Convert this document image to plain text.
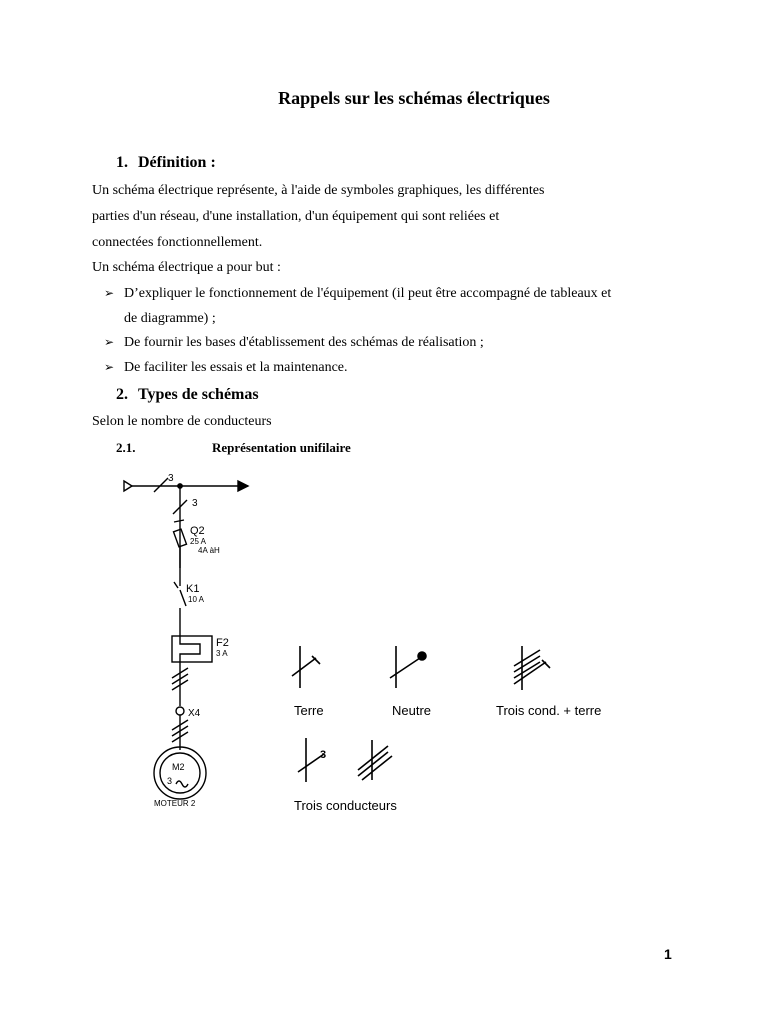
Rappels sur les schémas électriques
1. Définition :
Un schéma électrique représente, à l'aide de symboles graphiques, les différentes
parties d'un réseau, d'une installation, d'un équipement qui sont reliées et
connectées fonctionnellement.
Un schéma électrique a pour but :
➢ D’expliquer le fonctionnement de l'équipement (il peut être accompagné de tableaux et
de diagramme) ;
➢ De fournir les bases d'établissement des schémas de réalisation ;
➢ De faciliter les essais et la maintenance.
2. Types de schémas
Selon le nombre de conducteurs
2.1.	Représentation unifilaire
3
3
Q2
25 A
4A àH
K1
10 A
F2
3 A
X4
M2
3
MOTEUR 2
Terre	Neutre	Trois cond. + terre
3
Trois conducteurs
1
